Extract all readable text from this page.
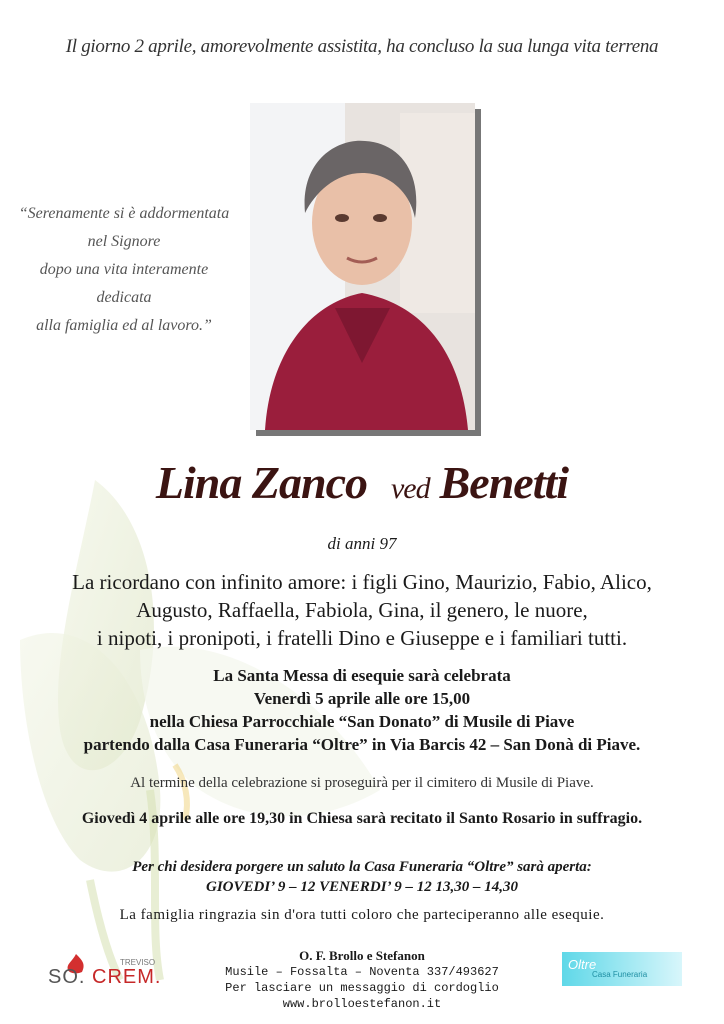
Il giorno 2 aprile, amorevolmente assistita, ha concluso la sua lunga vita terrena
“Serenamente si è addormentata nel Signore
dopo una vita interamente dedicata
alla famiglia ed al lavoro.”
Lina Zanco ved Benetti
di anni 97
La ricordano con infinito amore: i figli Gino, Maurizio, Fabio, Alico,
Augusto, Raffaella, Fabiola, Gina, il genero, le nuore,
i nipoti, i pronipoti, i fratelli Dino e Giuseppe e i familiari tutti.
La Santa Messa di esequie sarà celebrata
Venerdì 5 aprile alle ore 15,00
nella Chiesa Parrocchiale “San Donato” di Musile di Piave
partendo dalla Casa Funeraria “Oltre” in Via Barcis 42 – San Donà di Piave.
Al termine della celebrazione si proseguirà per il cimitero di Musile di Piave.
Giovedì 4 aprile alle ore 19,30 in Chiesa sarà recitato il Santo Rosario in suffragio.
Per chi desidera porgere un saluto la Casa Funeraria “Oltre” sarà aperta:
GIOVEDI’ 9 – 12 VENERDI’ 9 – 12 13,30 – 14,30
La famiglia ringrazia sin d'ora tutti coloro che parteciperanno alle esequie.
TREVISO
SO. CREM.
O. F. Brollo e Stefanon
Musile – Fossalta – Noventa 337/493627
Per lasciare un messaggio di cordoglio
www.brolloestefanon.it
Oltre
Casa Funeraria
